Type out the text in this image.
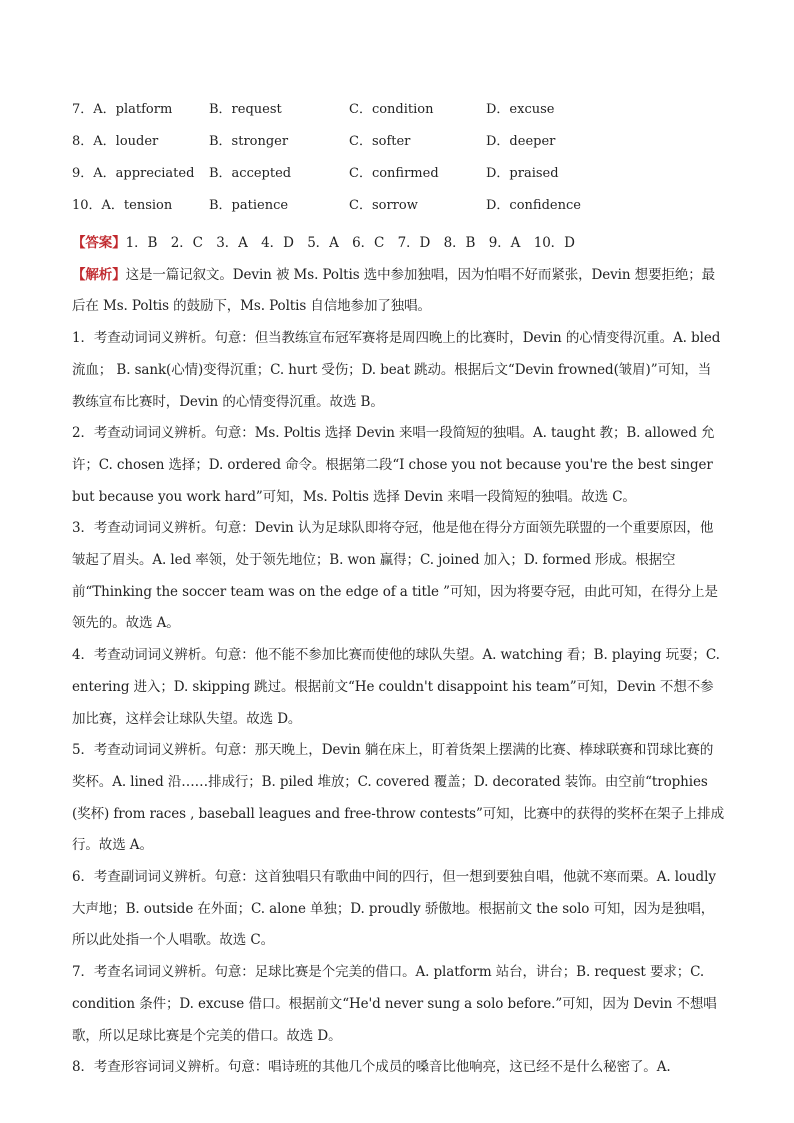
7．A．platform	B．request	C．condition	D．excuse
8．A．louder	B．stronger	C．softer	D．deeper
9．A．appreciated B．accepted	C．confirmed	D．praised
10．A．tension	B．patience	C．sorrow	D．confidence

【答案】1．B　2．C　3．A　4．D　5．A　6．C　7．D　8．B　9．A　10．D

【解析】这是一篇记叙文。Devin 被 Ms. Poltis 选中参加独唱，因为怕唱不好而紧张，Devin 想要拒绝；最后在 Ms. Poltis 的鼓励下，Ms. Poltis 自信地参加了独唱。

1．考查动词词义辨析。句意：但当教练宣布冠军赛将是周四晚上的比赛时，Devin 的心情变得沉重。A. bled 流血； B. sank(心情)变得沉重；C. hurt 受伤；D. beat 跳动。根据后文“Devin frowned(皱眉)”可知，当教练宣布比赛时，Devin 的心情变得沉重。故选 B。

2．考查动词词义辨析。句意：Ms. Poltis 选择 Devin 来唱一段简短的独唱。A. taught 教；B. allowed 允许；C. chosen 选择；D. ordered 命令。根据第二段“I chose you not because you're the best singer but because you work hard”可知，Ms. Poltis 选择 Devin 来唱一段简短的独唱。故选 C。

3．考查动词词义辨析。句意：Devin 认为足球队即将夺冠，他是他在得分方面领先联盟的一个重要原因，他皱起了眉头。A. led 率领，处于领先地位；B. won 赢得；C. joined 加入；D. formed 形成。根据空前“Thinking the soccer team was on the edge of a title ”可知，因为将要夺冠，由此可知，在得分上是领先的。故选 A。

4．考查动词词义辨析。句意：他不能不参加比赛而使他的球队失望。A. watching 看；B. playing 玩耍；C. entering 进入；D. skipping 跳过。根据前文“He couldn't disappoint his team”可知，Devin 不想不参加比赛，这样会让球队失望。故选 D。

5．考查动词词义辨析。句意：那天晚上，Devin 躺在床上，盯着货架上摆满的比赛、棒球联赛和罚球比赛的奖杯。A. lined 沿……排成行；B. piled 堆放；C. covered 覆盖；D. decorated 装饰。由空前“trophies (奖杯) from races , baseball leagues and free-throw contests”可知，比赛中的获得的奖杯在架子上排成行。故选 A。

6．考查副词词义辨析。句意：这首独唱只有歌曲中间的四行，但一想到要独自唱，他就不寒而栗。A. loudly 大声地；B. outside 在外面；C. alone 单独；D. proudly 骄傲地。根据前文 the solo 可知，因为是独唱，所以此处指一个人唱歌。故选 C。

7．考查名词词义辨析。句意：足球比赛是个完美的借口。A. platform 站台，讲台；B. request 要求；C. condition 条件；D. excuse 借口。根据前文“He'd never sung a solo before.”可知，因为 Devin 不想唱歌，所以足球比赛是个完美的借口。故选 D。

8．考查形容词词义辨析。句意：唱诗班的其他几个成员的嗓音比他响亮，这已经不是什么秘密了。A.
